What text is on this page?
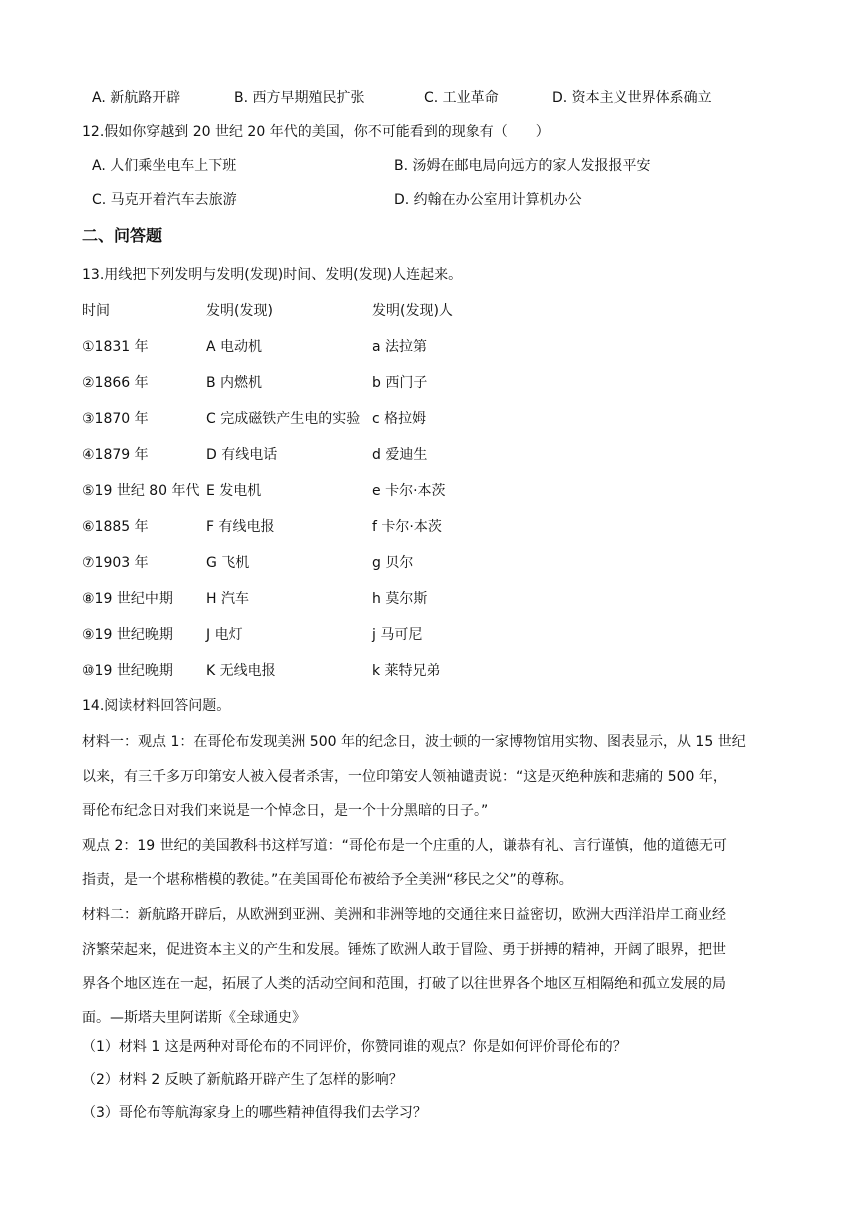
A. 新航路开辟	B. 西方早期殖民扩张	C. 工业革命	D. 资本主义世界体系确立
12.假如你穿越到 20 世纪 20 年代的美国，你不可能看到的现象有（　　）
A. 人们乘坐电车上下班	B. 汤姆在邮电局向远方的家人发报报平安
C. 马克开着汽车去旅游	D. 约翰在办公室用计算机办公
二、问答题
13.用线把下列发明与发明(发现)时间、发明(发现)人连起来。
时间	发明(发现)	发明(发现)人
①1831 年	A 电动机	a 法拉第
②1866 年	B 内燃机	b 西门子
③1870 年	C 完成磁铁产生电的实验 c 格拉姆
④1879 年	D 有线电话	d 爱迪生
⑤19 世纪 80 年代 E 发电机	e 卡尔·本茨
⑥1885 年	F 有线电报	f 卡尔·本茨
⑦1903 年	G 飞机	g 贝尔
⑧19 世纪中期 H 汽车	h 莫尔斯
⑨19 世纪晚期 J 电灯	j 马可尼
⑩19 世纪晚期 K 无线电报	k 莱特兄弟
14.阅读材料回答问题。
材料一：观点 1：在哥伦布发现美洲 500 年的纪念日，波士顿的一家博物馆用实物、图表显示，从 15 世纪
以来，有三千多万印第安人被入侵者杀害，一位印第安人领袖谴责说：“这是灭绝种族和悲痛的 500 年，
哥伦布纪念日对我们来说是一个悼念日，是一个十分黑暗的日子。”
观点 2：19 世纪的美国教科书这样写道：“哥伦布是一个庄重的人，谦恭有礼、言行谨慎，他的道德无可
指责，是一个堪称楷模的教徒。”在美国哥伦布被给予全美洲“移民之父”的尊称。
材料二：新航路开辟后，从欧洲到亚洲、美洲和非洲等地的交通往来日益密切，欧洲大西洋沿岸工商业经
济繁荣起来，促进资本主义的产生和发展。锤炼了欧洲人敢于冒险、勇于拼搏的精神，开阔了眼界，把世
界各个地区连在一起，拓展了人类的活动空间和范围，打破了以往世界各个地区互相隔绝和孤立发展的局
面。—斯塔夫里阿诺斯《全球通史》
（1）材料 1 这是两种对哥伦布的不同评价，你赞同谁的观点？你是如何评价哥伦布的？
（2）材料 2 反映了新航路开辟产生了怎样的影响？
（3）哥伦布等航海家身上的哪些精神值得我们去学习？
